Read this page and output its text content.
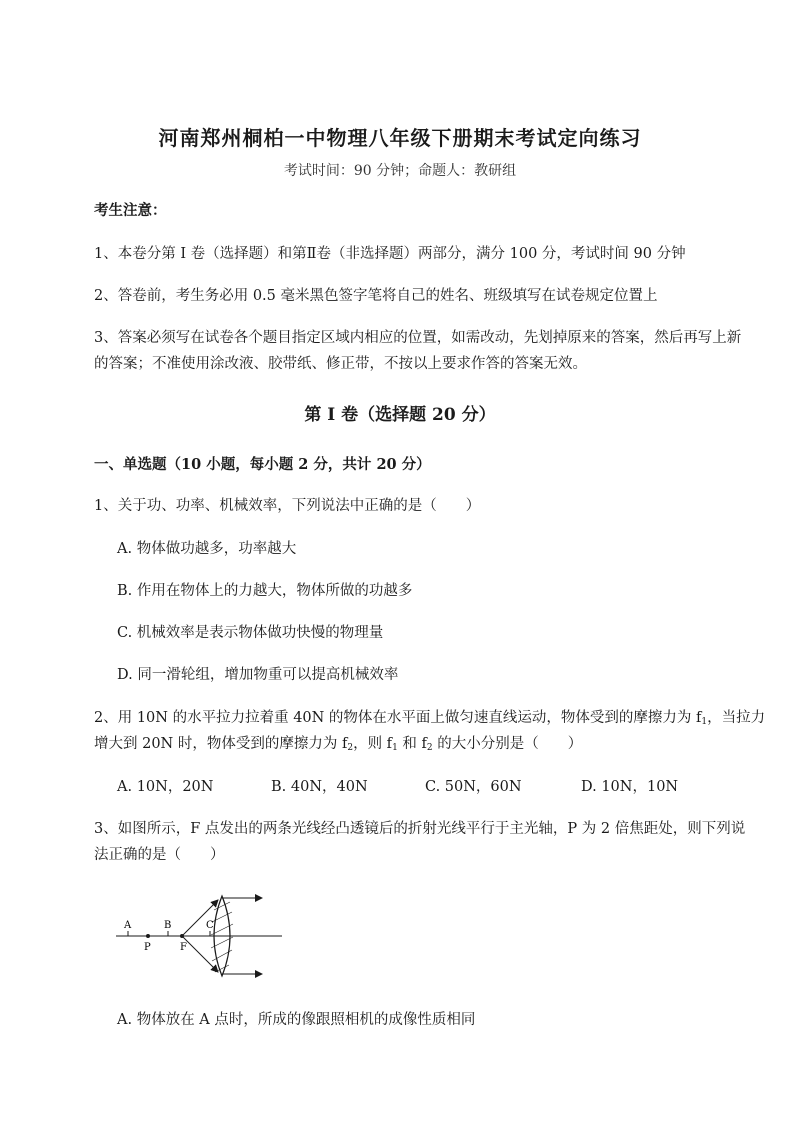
河南郑州桐柏一中物理八年级下册期末考试定向练习
考试时间：90 分钟；命题人：教研组
考生注意：
1、本卷分第 I 卷（选择题）和第Ⅱ卷（非选择题）两部分，满分 100 分，考试时间 90 分钟
2、答卷前，考生务必用 0.5 毫米黑色签字笔将自己的姓名、班级填写在试卷规定位置上
3、答案必须写在试卷各个题目指定区域内相应的位置，如需改动，先划掉原来的答案，然后再写上新
的答案；不准使用涂改液、胶带纸、修正带，不按以上要求作答的答案无效。
第 I 卷（选择题 20 分）
一、单选题（10 小题，每小题 2 分，共计 20 分）
1、关于功、功率、机械效率，下列说法中正确的是（　　）
A. 物体做功越多，功率越大
B. 作用在物体上的力越大，物体所做的功越多
C. 机械效率是表示物体做功快慢的物理量
D. 同一滑轮组，增加物重可以提高机械效率
2、用 10N 的水平拉力拉着重 40N 的物体在水平面上做匀速直线运动，物体受到的摩擦力为 $f_1$，当拉力
增大到 20N 时，物体受到的摩擦力为 $f_2$，则 $f_1$ 和 $f_2$ 的大小分别是（　　）
A. 10N，20N	B. 40N，40N	C. 50N，60N	D. 10N，10N
3、如图所示，F 点发出的两条光线经凸透镜后的折射光线平行于主光轴，P 为 2 倍焦距处，则下列说
法正确的是（　　）
A	B	C
P	F
A. 物体放在 A 点时，所成的像跟照相机的成像性质相同
